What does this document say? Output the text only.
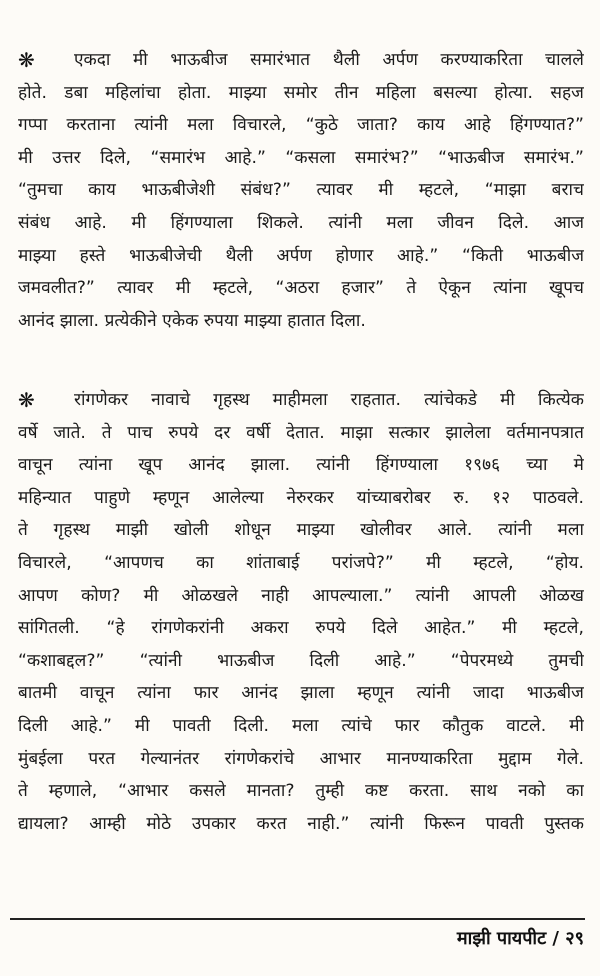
❋ एकदा मी भाऊबीज समारंभात थैली अर्पण करण्याकरिता चालले
होते. डबा महिलांचा होता. माझ्या समोर तीन महिला बसल्या होत्या. सहज
गप्पा करताना त्यांनी मला विचारले, “कुठे जाता? काय आहे हिंगण्यात?”
मी उत्तर दिले, “समारंभ आहे.” “कसला समारंभ?” “भाऊबीज समारंभ.”
“तुमचा काय भाऊबीजेशी संबंध?” त्यावर मी म्हटले, “माझा बराच
संबंध आहे. मी हिंगण्याला शिकले. त्यांनी मला जीवन दिले. आज
माझ्या हस्ते भाऊबीजेची थैली अर्पण होणार आहे.” “किती भाऊबीज
जमवलीत?” त्यावर मी म्हटले, “अठरा हजार” ते ऐकून त्यांना खूपच
आनंद झाला. प्रत्येकीने एकेक रुपया माझ्या हातात दिला.
❋ रांगणेकर नावाचे गृहस्थ माहीमला राहतात. त्यांचेकडे मी कित्येक
वर्षे जाते. ते पाच रुपये दर वर्षी देतात. माझा सत्कार झालेला वर्तमानपत्रात
वाचून त्यांना खूप आनंद झाला. त्यांनी हिंगण्याला १९७६ च्या मे
महिन्यात पाहुणे म्हणून आलेल्या नेरुरकर यांच्याबरोबर रु. १२ पाठवले.
ते गृहस्थ माझी खोली शोधून माझ्या खोलीवर आले. त्यांनी मला
विचारले, “आपणच का शांताबाई परांजपे?” मी म्हटले, “होय.
आपण कोण? मी ओळखले नाही आपल्याला.” त्यांनी आपली ओळख
सांगितली. “हे रांगणेकरांनी अकरा रुपये दिले आहेत.” मी म्हटले,
“कशाबद्दल?” “त्यांनी भाऊबीज दिली आहे.” “पेपरमध्ये तुमची
बातमी वाचून त्यांना फार आनंद झाला म्हणून त्यांनी जादा भाऊबीज
दिली आहे.” मी पावती दिली. मला त्यांचे फार कौतुक वाटले. मी
मुंबईला परत गेल्यानंतर रांगणेकरांचे आभार मानण्याकरिता मुद्दाम गेले.
ते म्हणाले, “आभार कसले मानता? तुम्ही कष्ट करता. साथ नको का
द्यायला? आम्ही मोठे उपकार करत नाही.” त्यांनी फिरून पावती पुस्तक
माझी पायपीट / २९
